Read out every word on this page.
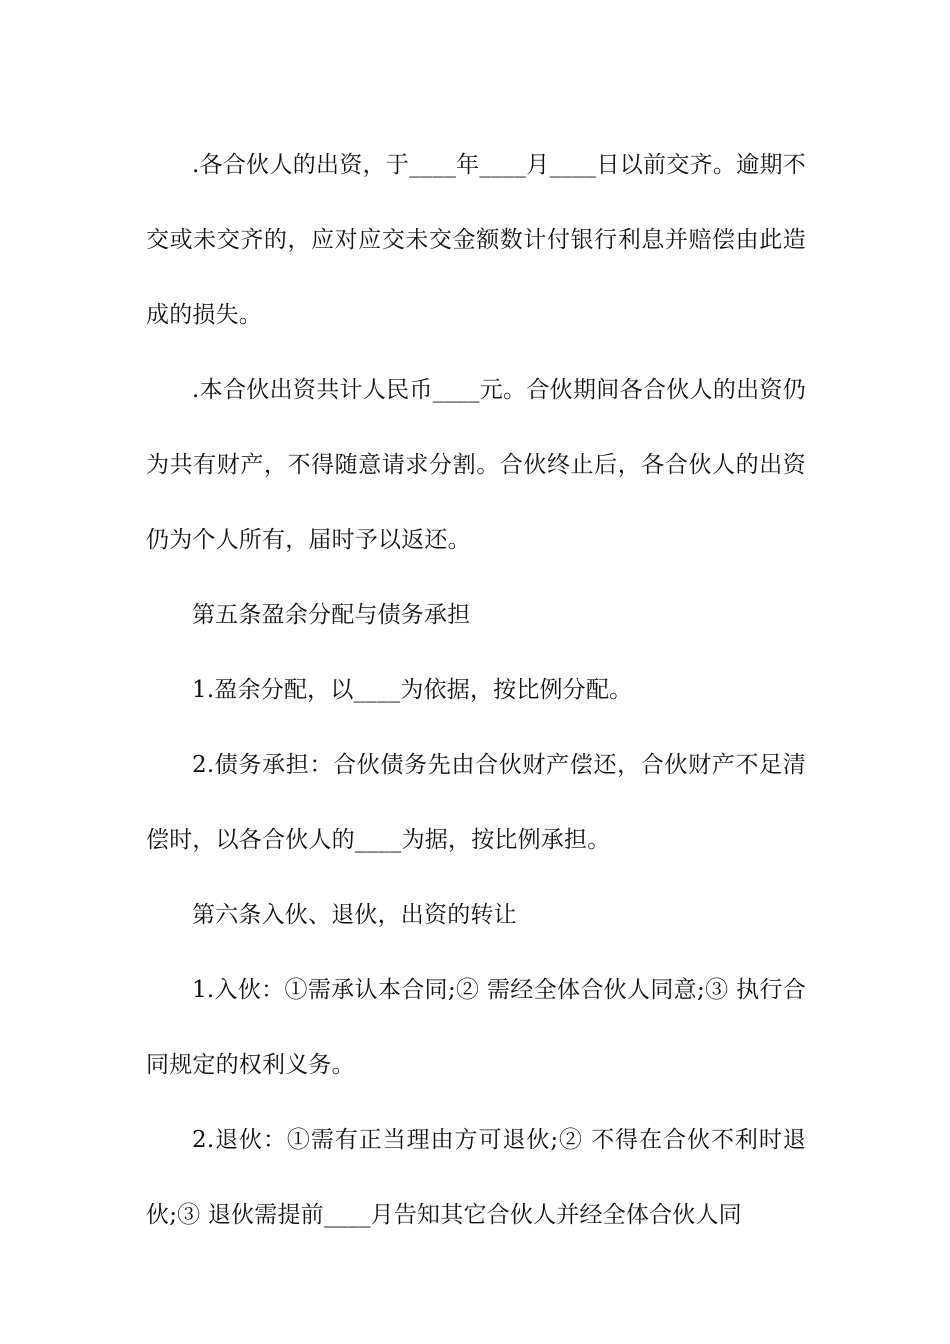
.各合伙人的出资，于____年____月____日以前交齐。逾期不交或未交齐的，应对应交未交金额数计付银行利息并赔偿由此造成的损失。

.本合伙出资共计人民币____元。合伙期间各合伙人的出资仍为共有财产，不得随意请求分割。合伙终止后，各合伙人的出资仍为个人所有，届时予以返还。

第五条盈余分配与债务承担

1.盈余分配，以____为依据，按比例分配。

2.债务承担：合伙债务先由合伙财产偿还，合伙财产不足清偿时，以各合伙人的____为据，按比例承担。

第六条入伙、退伙，出资的转让

1.入伙：①需承认本合同;② 需经全体合伙人同意;③ 执行合同规定的权利义务。

2.退伙：①需有正当理由方可退伙;② 不得在合伙不利时退伙;③ 退伙需提前____月告知其它合伙人并经全体合伙人同
